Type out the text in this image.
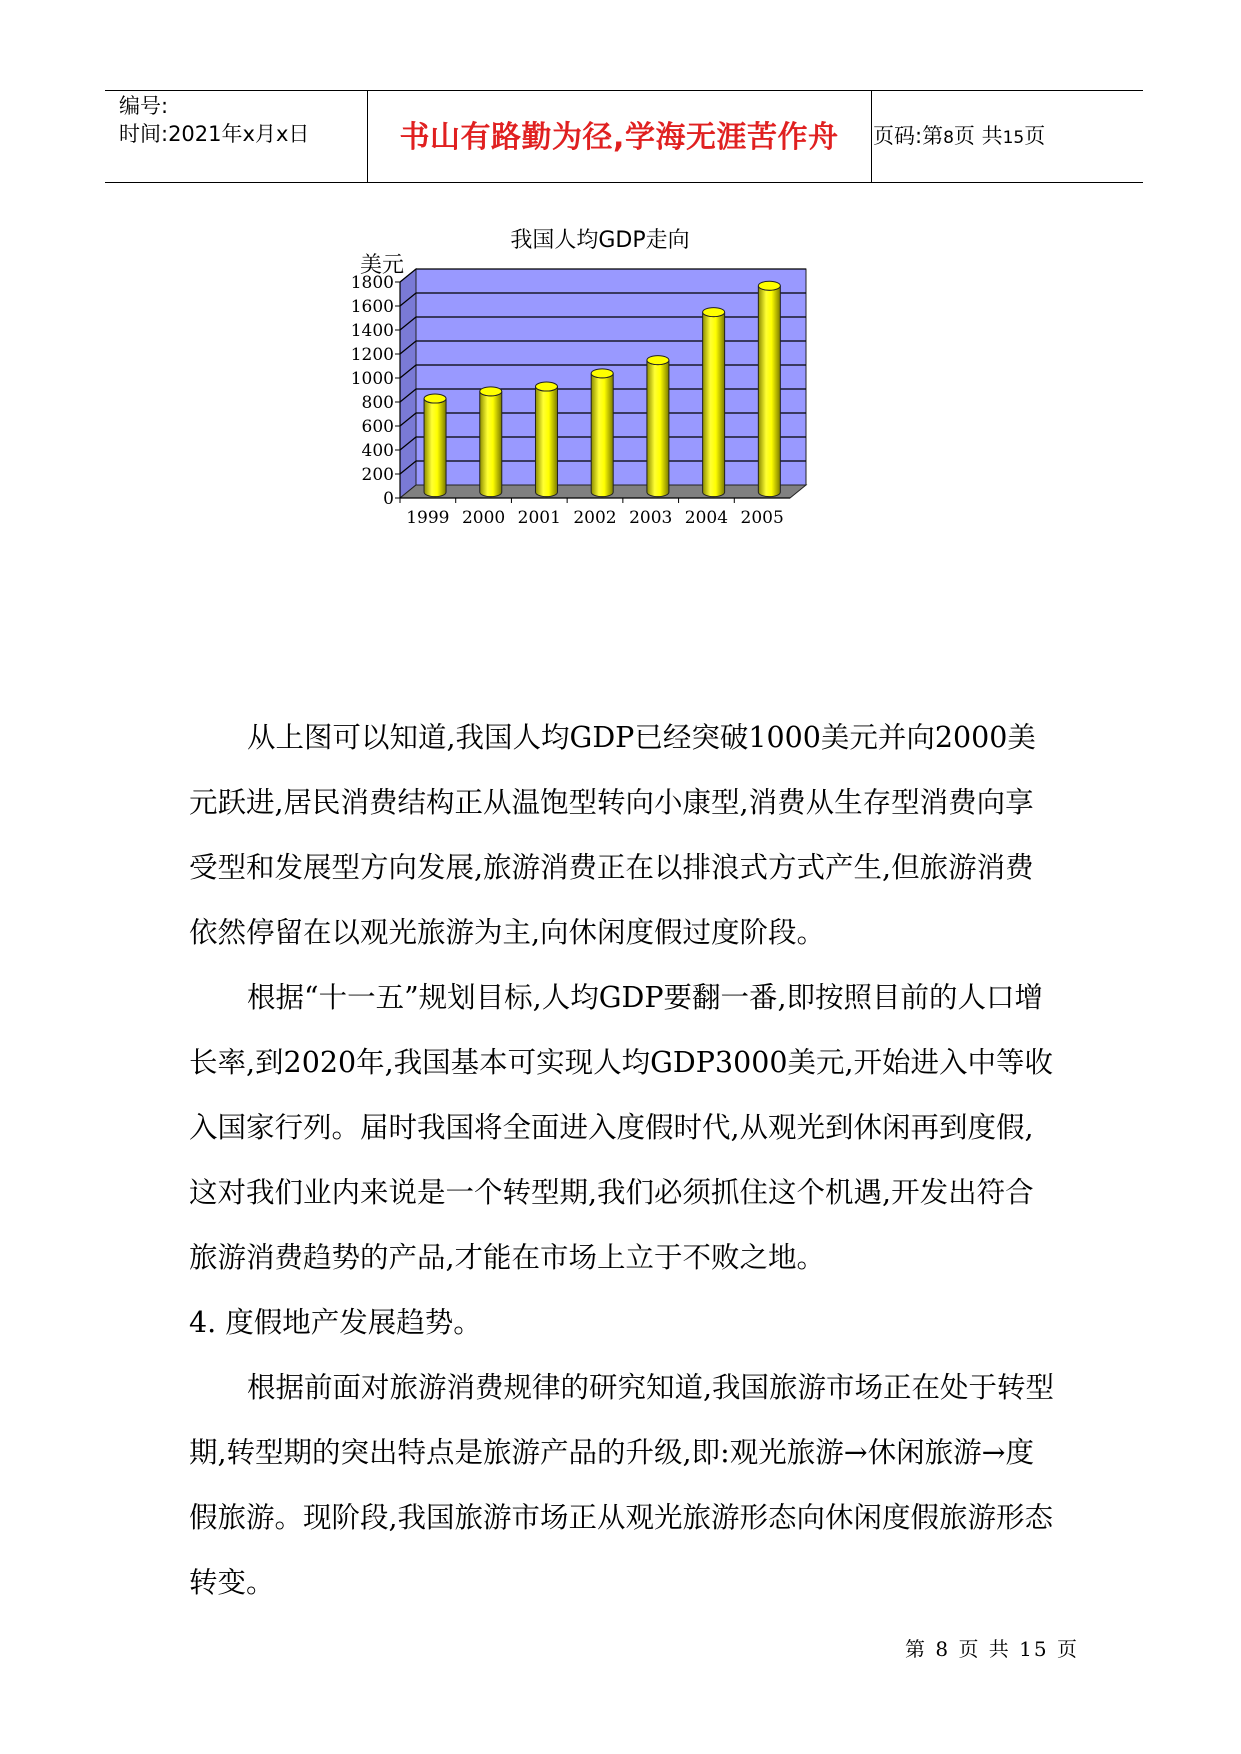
编号:
时间:2021年x月x日	书山有路勤为径,学海无涯苦作舟	页码:第8页 共15页
我国人均GDP走向
美元
0
200
400
600
800
1000
1200
1400
1600
1800
1999 2000 2001 2002 2003 2004 2005

从上图可以知道,我国人均GDP已经突破1000美元并向2000美元跃进,居民消费结构正从温饱型转向小康型,消费从生存型消费向享受型和发展型方向发展,旅游消费正在以排浪式方式产生,但旅游消费依然停留在以观光旅游为主,向休闲度假过度阶段。

根据“十一五”规划目标,人均GDP要翻一番,即按照目前的人口增长率,到2020年,我国基本可实现人均GDP3000美元,开始进入中等收入国家行列。届时我国将全面进入度假时代,从观光到休闲再到度假,这对我们业内来说是一个转型期,我们必须抓住这个机遇,开发出符合旅游消费趋势的产品,才能在市场上立于不败之地。

4. 度假地产发展趋势。

根据前面对旅游消费规律的研究知道,我国旅游市场正在处于转型期,转型期的突出特点是旅游产品的升级,即:观光旅游→休闲旅游→度假旅游。现阶段,我国旅游市场正从观光旅游形态向休闲度假旅游形态转变。

第 8 页 共 15 页
